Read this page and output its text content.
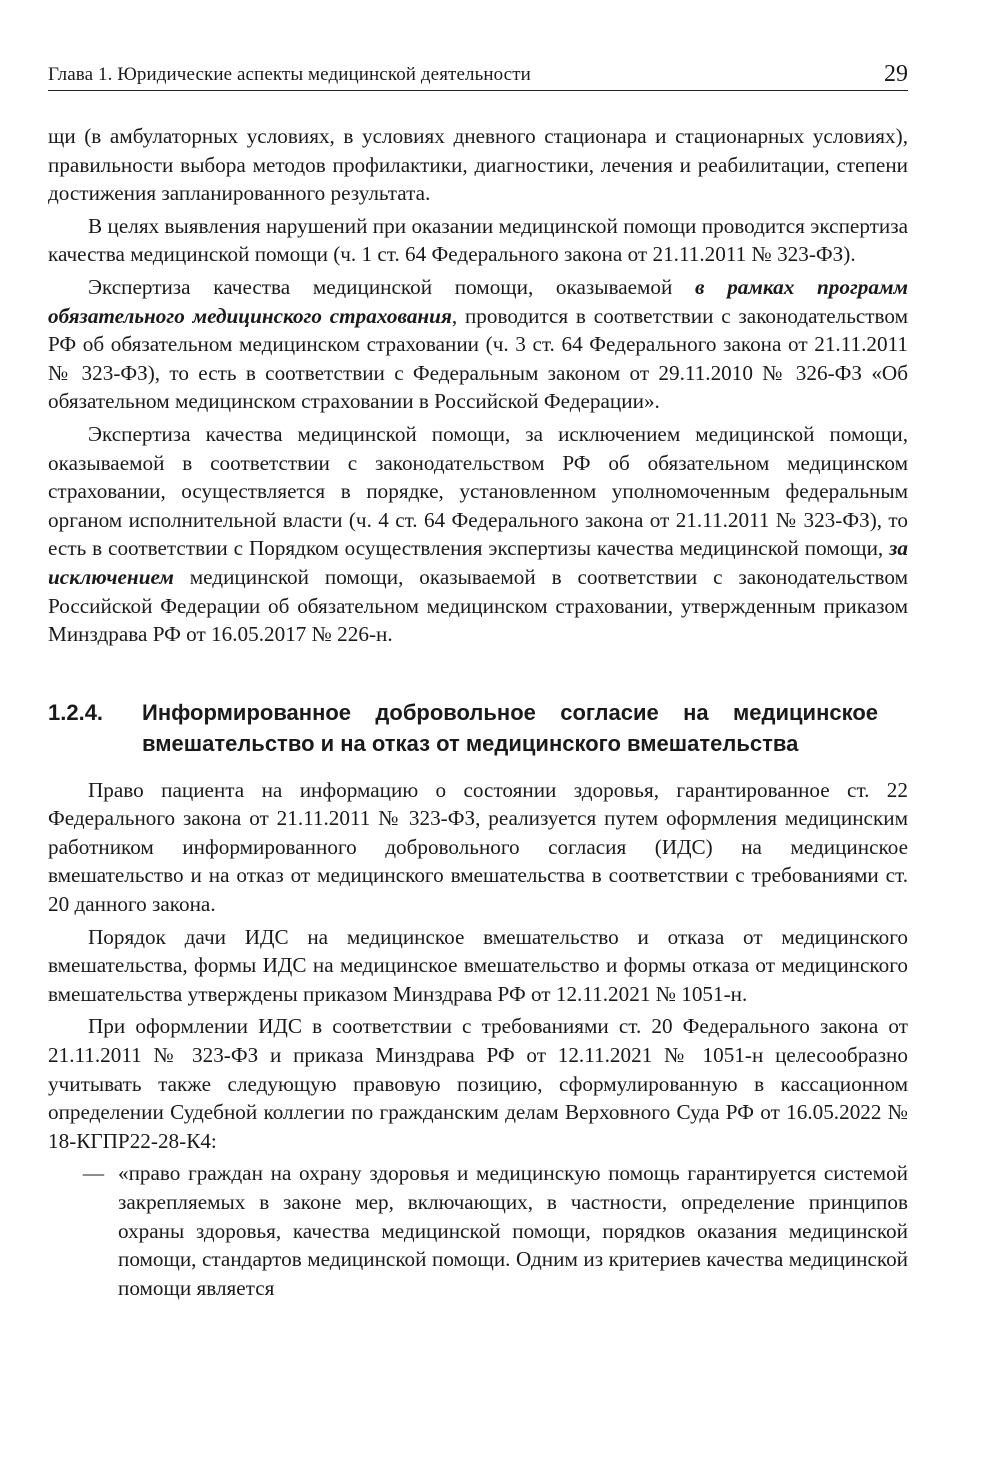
Глава 1. Юридические аспекты медицинской деятельности	29

щи (в амбулаторных условиях, в условиях дневного стационара и стационарных условиях), правильности выбора методов профилактики, диагностики, лечения и реабилитации, степени достижения запланированного результата.

В целях выявления нарушений при оказании медицинской помощи проводится экспертиза качества медицинской помощи (ч. 1 ст. 64 Федерального закона от 21.11.2011 № 323-ФЗ).

Экспертиза качества медицинской помощи, оказываемой в рамках программ обязательного медицинского страхования, проводится в соответствии с законодательством РФ об обязательном медицинском страховании (ч. 3 ст. 64 Федерального закона от 21.11.2011 № 323-ФЗ), то есть в соответствии с Федеральным законом от 29.11.2010 № 326-ФЗ «Об обязательном медицинском страховании в Российской Федерации».

Экспертиза качества медицинской помощи, за исключением медицинской помощи, оказываемой в соответствии с законодательством РФ об обязательном медицинском страховании, осуществляется в порядке, установленном уполномоченным федеральным органом исполнительной власти (ч. 4 ст. 64 Федерального закона от 21.11.2011 № 323-ФЗ), то есть в соответствии с Порядком осуществления экспертизы качества медицинской помощи, за исключением медицинской помощи, оказываемой в соответствии с законодательством Российской Федерации об обязательном медицинском страховании, утвержденным приказом Минздрава РФ от 16.05.2017 № 226-н.

1.2.4.	Информированное добровольное согласие на медицинское вмешательство и на отказ от медицинского вмешательства

Право пациента на информацию о состоянии здоровья, гарантированное ст. 22 Федерального закона от 21.11.2011 № 323-ФЗ, реализуется путем оформления медицинским работником информированного добровольного согласия (ИДС) на медицинское вмешательство и на отказ от медицинского вмешательства в соответствии с требованиями ст. 20 данного закона.

Порядок дачи ИДС на медицинское вмешательство и отказа от медицинского вмешательства, формы ИДС на медицинское вмешательство и формы отказа от медицинского вмешательства утверждены приказом Минздрава РФ от 12.11.2021 № 1051-н.

При оформлении ИДС в соответствии с требованиями ст. 20 Федерального закона от 21.11.2011 № 323-ФЗ и приказа Минздрава РФ от 12.11.2021 № 1051-н целесообразно учитывать также следующую правовую позицию, сформулированную в кассационном определении Судебной коллегии по гражданским делам Верховного Суда РФ от 16.05.2022 № 18-КГПР22-28-К4:

— «право граждан на охрану здоровья и медицинскую помощь гарантируется системой закрепляемых в законе мер, включающих, в частности, определение принципов охраны здоровья, качества медицинской помощи, порядков оказания медицинской помощи, стандартов медицинской помощи. Одним из критериев качества медицинской помощи является
